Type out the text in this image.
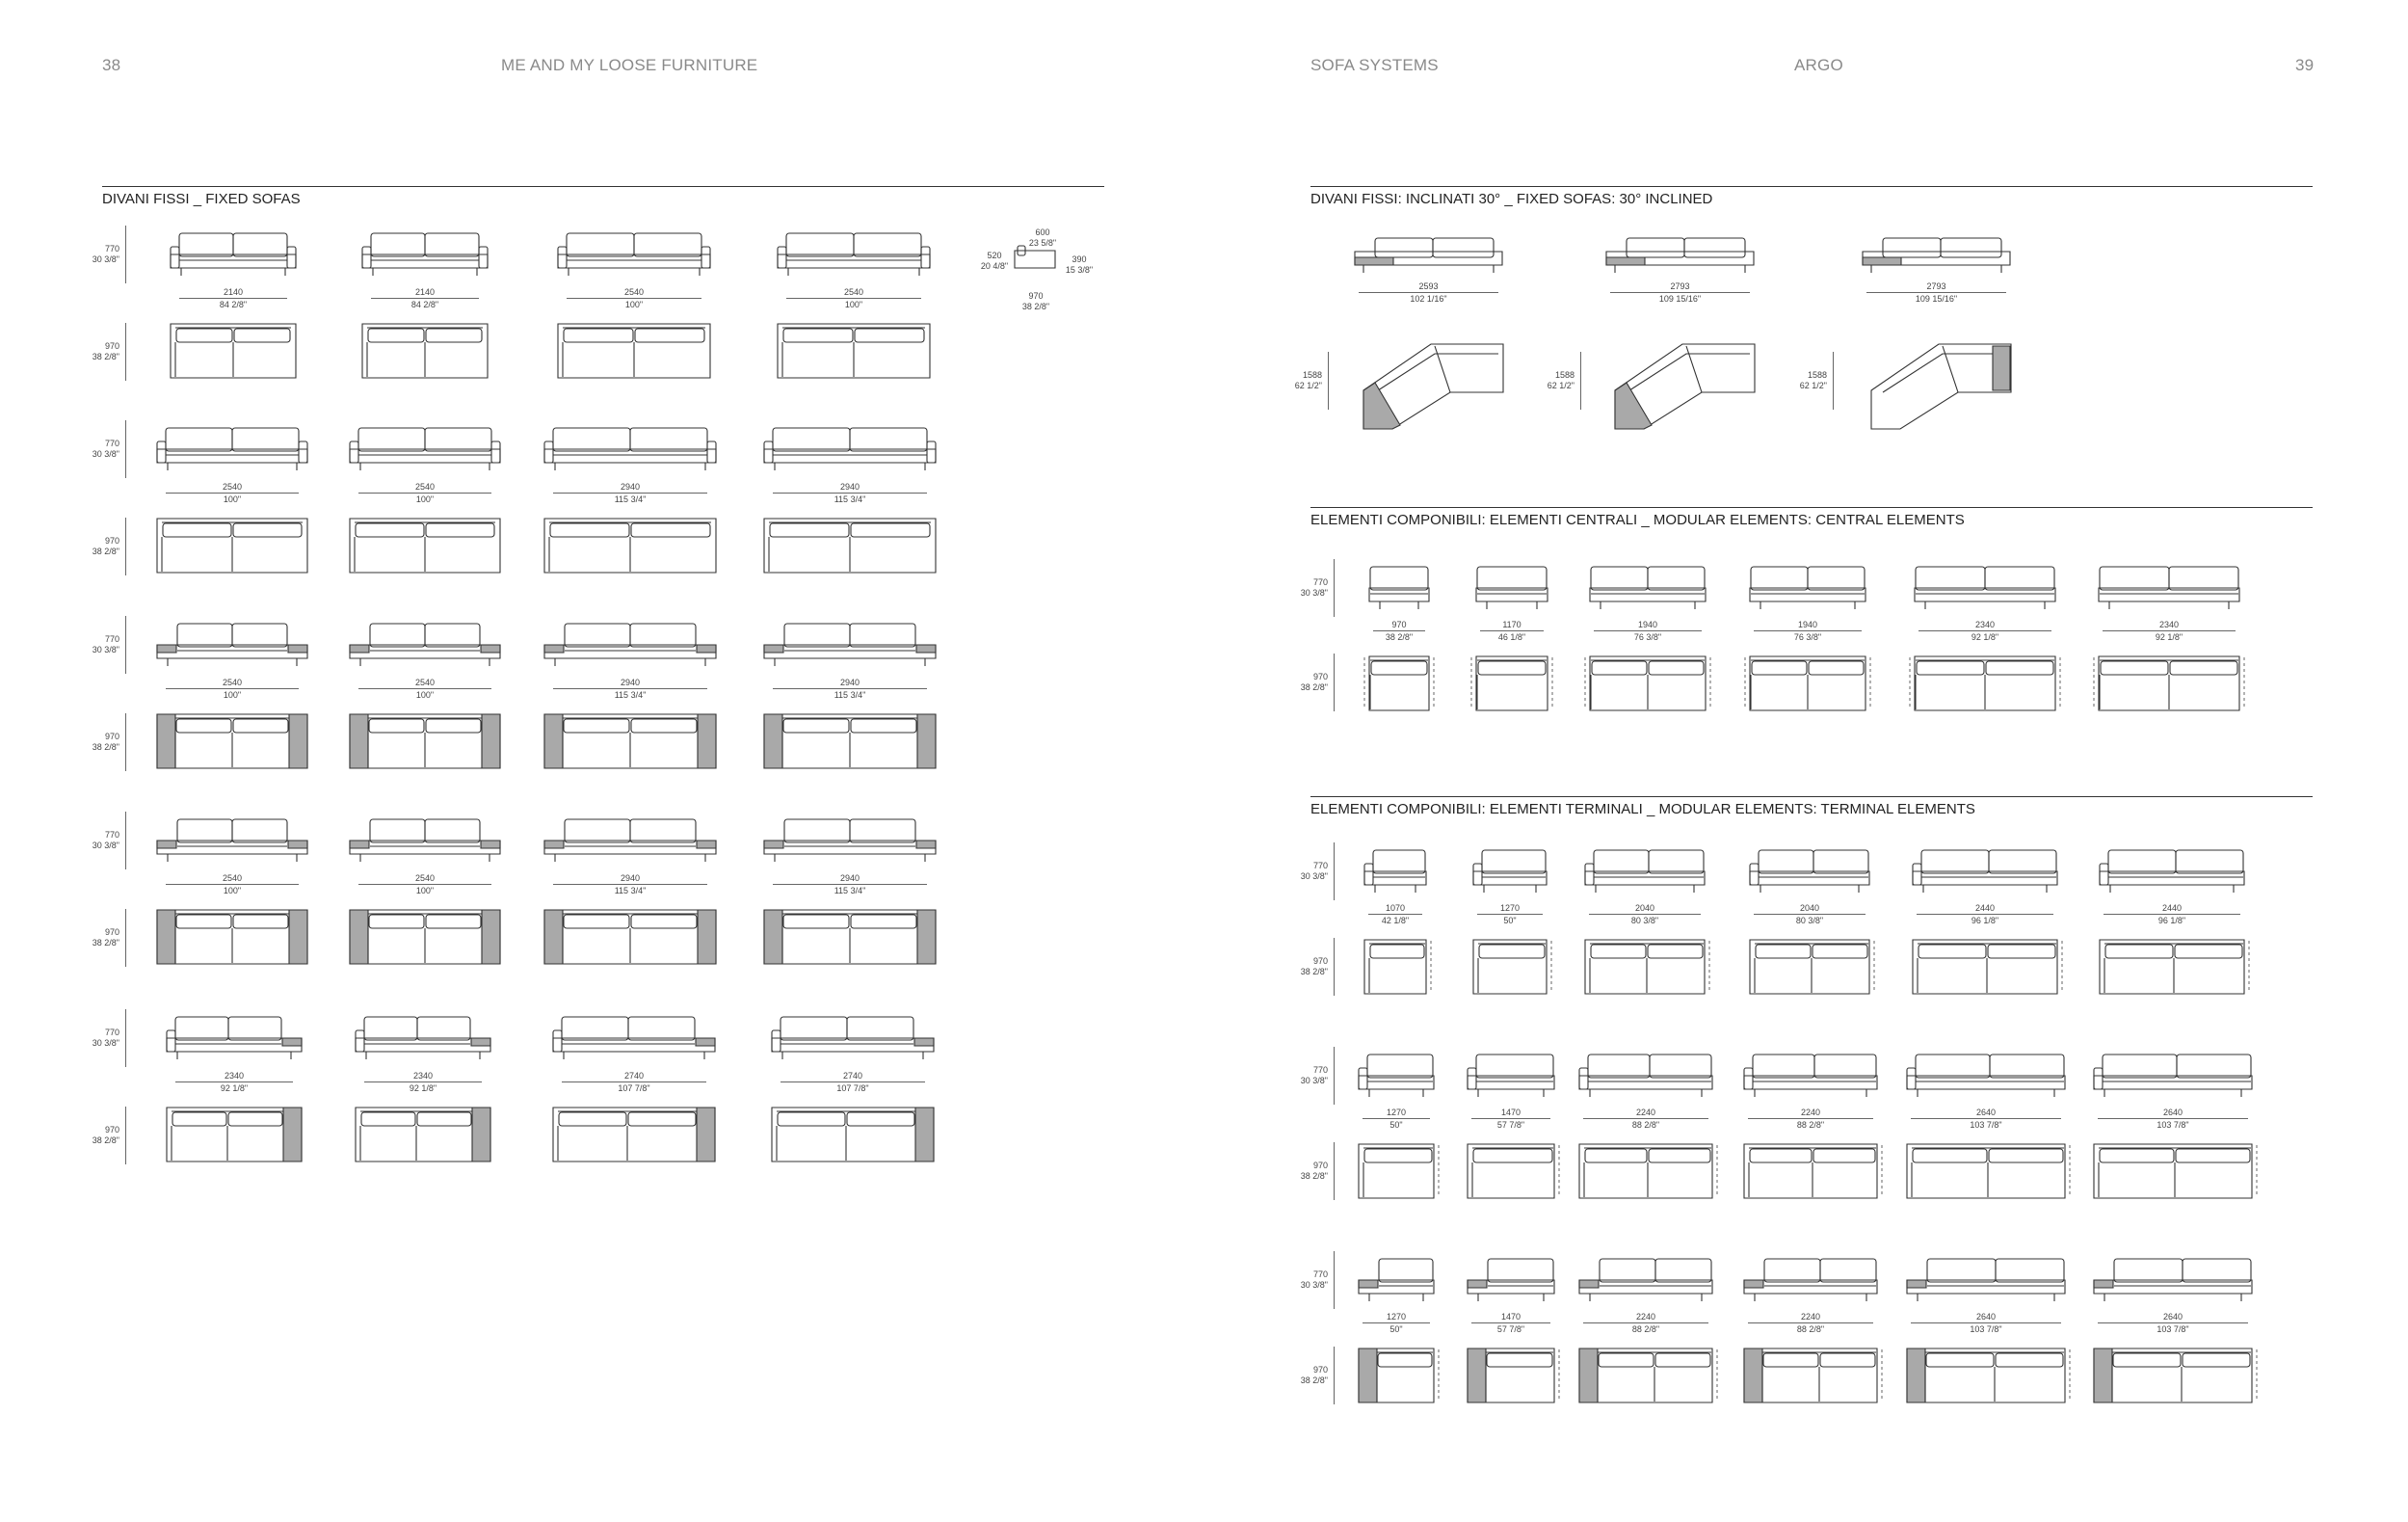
38	ME AND MY LOOSE FURNITURE
DIVANI FISSI _ FIXED SOFAS
770
30 3/8"
970
38 2/8"
2140
84 2/8"
2140
84 2/8"
2540
100"
2540
100"
770
30 3/8"
970
38 2/8"
2540
100"
2540
100"
2940
115 3/4"
2940
115 3/4"
770
30 3/8"
970
38 2/8"
2540
100"
2540
100"
2940
115 3/4"
2940
115 3/4"
770
30 3/8"
970
38 2/8"
2540
100"
2540
100"
2940
115 3/4"
2940
115 3/4"
770
30 3/8"
970
38 2/8"
2340
92 1/8"
2340
92 1/8"
2740
107 7/8"
2740
107 7/8"
600
23 5/8"
520
20 4/8"
390
15 3/8"
970
38 2/8"
SOFA SYSTEMS	ARGO	39
DIVANI FISSI: INCLINATI 30° _ FIXED SOFAS: 30° INCLINED
ELEMENTI COMPONIBILI: ELEMENTI CENTRALI _ MODULAR ELEMENTS: CENTRAL ELEMENTS
ELEMENTI COMPONIBILI: ELEMENTI TERMINALI _ MODULAR ELEMENTS: TERMINAL ELEMENTS
2593
102 1/16"
1588
62 1/2"
2793
109 15/16"
1588
62 1/2"
2793
109 15/16"
1588
62 1/2"
770
30 3/8"
970
38 2/8"
970
38 2/8"
1170
46 1/8"
1940
76 3/8"
1940
76 3/8"
2340
92 1/8"
2340
92 1/8"
770
30 3/8"
970
38 2/8"
1070
42 1/8"
1270
50"
2040
80 3/8"
2040
80 3/8"
2440
96 1/8"
2440
96 1/8"
770
30 3/8"
970
38 2/8"
1270
50"
1470
57 7/8"
2240
88 2/8"
2240
88 2/8"
2640
103 7/8"
2640
103 7/8"
770
30 3/8"
970
38 2/8"
1270
50"
1470
57 7/8"
2240
88 2/8"
2240
88 2/8"
2640
103 7/8"
2640
103 7/8"
